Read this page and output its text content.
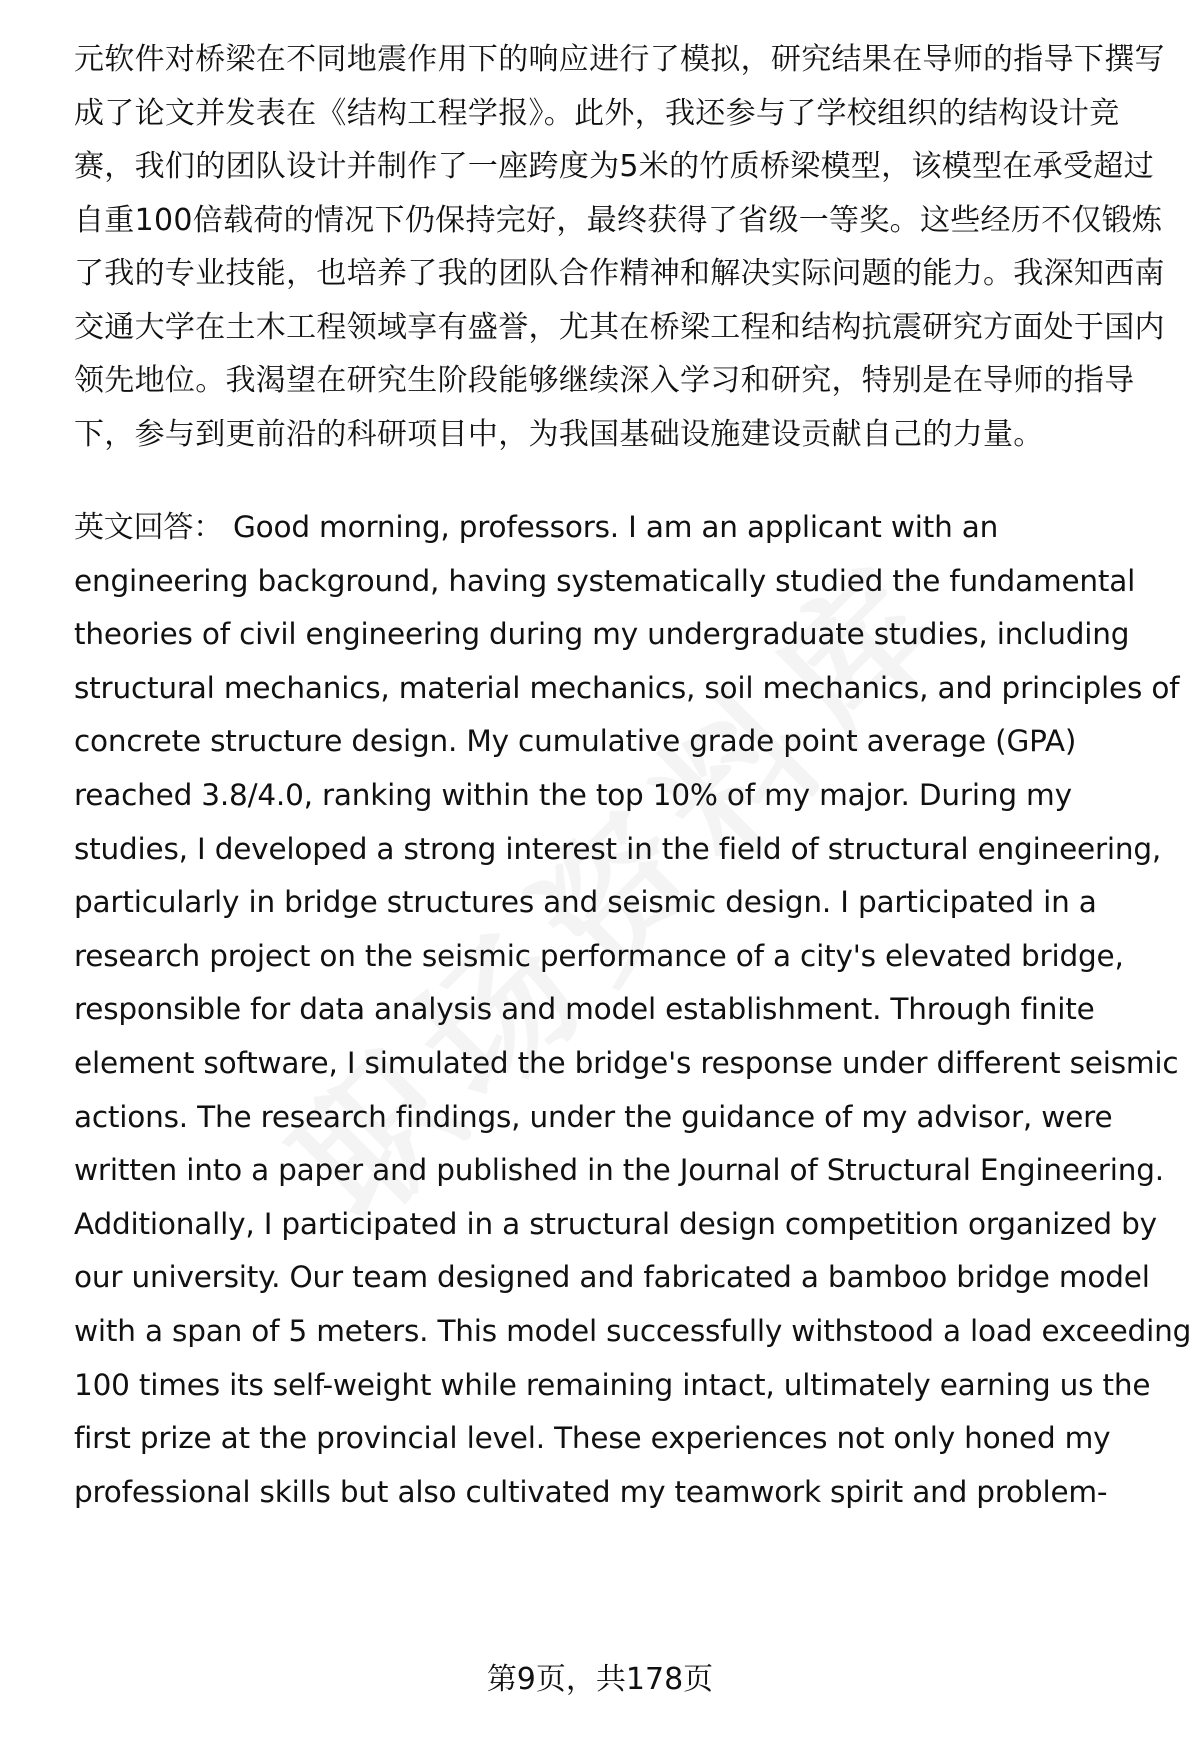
元软件对桥梁在不同地震作用下的响应进行了模拟，研究结果在导师的指导下撰写
成了论文并发表在《结构工程学报》。此外，我还参与了学校组织的结构设计竞
赛，我们的团队设计并制作了一座跨度为5米的竹质桥梁模型，该模型在承受超过
自重100倍载荷的情况下仍保持完好，最终获得了省级一等奖。这些经历不仅锻炼
了我的专业技能，也培养了我的团队合作精神和解决实际问题的能力。我深知西南
交通大学在土木工程领域享有盛誉，尤其在桥梁工程和结构抗震研究方面处于国内
领先地位。我渴望在研究生阶段能够继续深入学习和研究，特别是在导师的指导
下，参与到更前沿的科研项目中，为我国基础设施建设贡献自己的力量。
英文回答： Good morning, professors. I am an applicant with an
engineering background, having systematically studied the fundamental
theories of civil engineering during my undergraduate studies, including
structural mechanics, material mechanics, soil mechanics, and principles of
concrete structure design. My cumulative grade point average (GPA)
reached 3.8/4.0, ranking within the top 10% of my major. During my
studies, I developed a strong interest in the field of structural engineering,
particularly in bridge structures and seismic design. I participated in a
research project on the seismic performance of a city's elevated bridge,
responsible for data analysis and model establishment. Through finite
element software, I simulated the bridge's response under different seismic
actions. The research findings, under the guidance of my advisor, were
written into a paper and published in the Journal of Structural Engineering.
Additionally, I participated in a structural design competition organized by
our university. Our team designed and fabricated a bamboo bridge model
with a span of 5 meters. This model successfully withstood a load exceeding
100 times its self-weight while remaining intact, ultimately earning us the
first prize at the provincial level. These experiences not only honed my
professional skills but also cultivated my teamwork spirit and problem-
第9页，共178页
